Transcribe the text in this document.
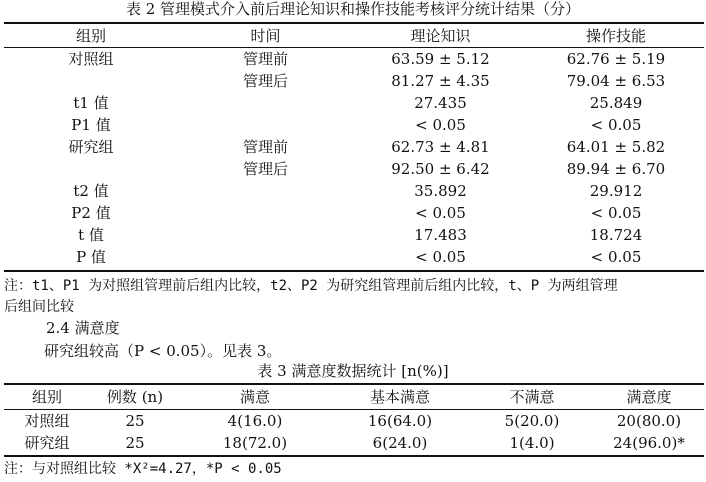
表 2 管理模式介入前后理论知识和操作技能考核评分统计结果（分）
组别	时间	理论知识	操作技能
对照组	管理前	63.59 ± 5.12	62.76 ± 5.19
	管理后	81.27 ± 4.35	79.04 ± 6.53
t1 值		27.435	25.849
P1 值		< 0.05	< 0.05
研究组	管理前	62.73 ± 4.81	64.01 ± 5.82
	管理后	92.50 ± 6.42	89.94 ± 6.70
t2 值		35.892	29.912
P2 值		< 0.05	< 0.05
t 值		17.483	18.724
P 值		< 0.05	< 0.05
注：t1、P1 为对照组管理前后组内比较，t2、P2 为研究组管理前后组内比较，t、P 为两组管理
后组间比较
2.4 满意度
研究组较高（P < 0.05）。见表 3。
表 3 满意度数据统计 [n(%)]
组别	例数 (n)	满意	基本满意	不满意	满意度
对照组	25	4(16.0)	16(64.0)	5(20.0)	20(80.0)
研究组	25	18(72.0)	6(24.0)	1(4.0)	24(96.0)*
注：与对照组比较 *X²=4.27，*P < 0.05
